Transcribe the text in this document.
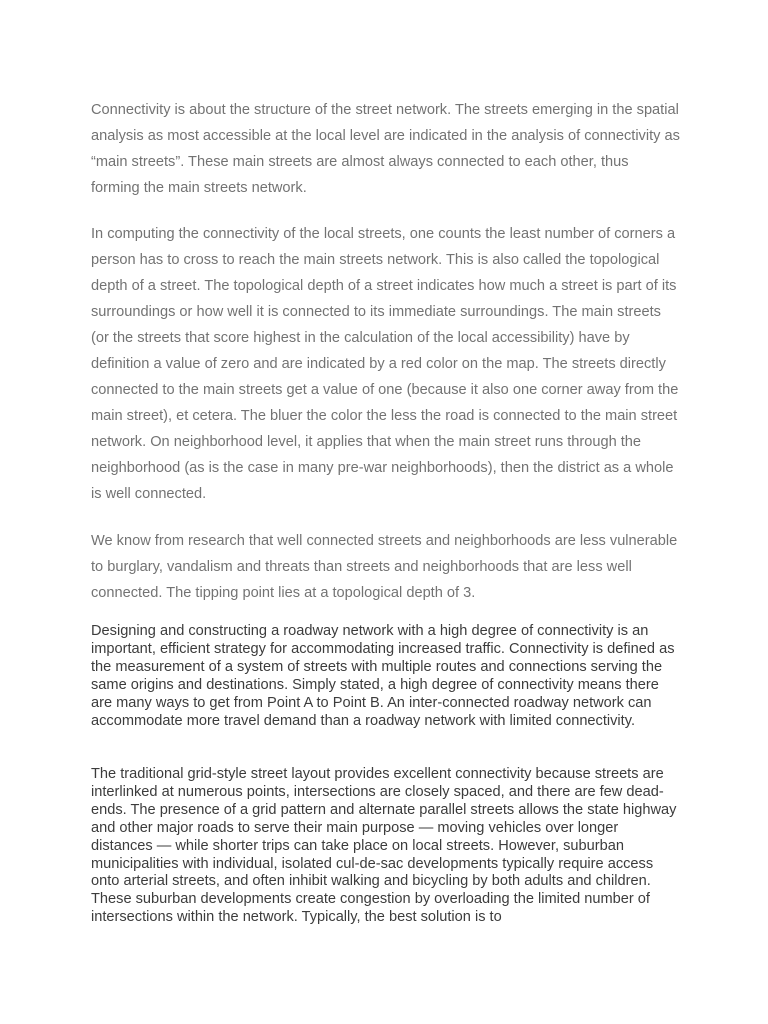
Connectivity is about the structure of the street network. The streets emerging in the spatial analysis as most accessible at the local level are indicated in the analysis of connectivity as “main streets”. These main streets are almost always connected to each other, thus forming the main streets network.

In computing the connectivity of the local streets, one counts the least number of corners a person has to cross to reach the main streets network. This is also called the topological depth of a street. The topological depth of a street indicates how much a street is part of its surroundings or how well it is connected to its immediate surroundings. The main streets (or the streets that score highest in the calculation of the local accessibility) have by definition a value of zero and are indicated by a red color on the map. The streets directly connected to the main streets get a value of one (because it also one corner away from the main street), et cetera. The bluer the color the less the road is connected to the main street network. On neighborhood level, it applies that when the main street runs through the neighborhood (as is the case in many pre-war neighborhoods), then the district as a whole is well connected.

We know from research that well connected streets and neighborhoods are less vulnerable to burglary, vandalism and threats than streets and neighborhoods that are less well connected. The tipping point lies at a topological depth of 3.

Designing and constructing a roadway network with a high degree of connectivity is an important, efficient strategy for accommodating increased traffic. Connectivity is defined as the measurement of a system of streets with multiple routes and connections serving the same origins and destinations. Simply stated, a high degree of connectivity means there are many ways to get from Point A to Point B. An inter-connected roadway network can accommodate more travel demand than a roadway network with limited connectivity.

The traditional grid-style street layout provides excellent connectivity because streets are interlinked at numerous points, intersections are closely spaced, and there are few dead-ends. The presence of a grid pattern and alternate parallel streets allows the state highway and other major roads to serve their main purpose — moving vehicles over longer distances — while shorter trips can take place on local streets. However, suburban municipalities with individual, isolated cul-de-sac developments typically require access onto arterial streets, and often inhibit walking and bicycling by both adults and children. These suburban developments create congestion by overloading the limited number of intersections within the network. Typically, the best solution is to
